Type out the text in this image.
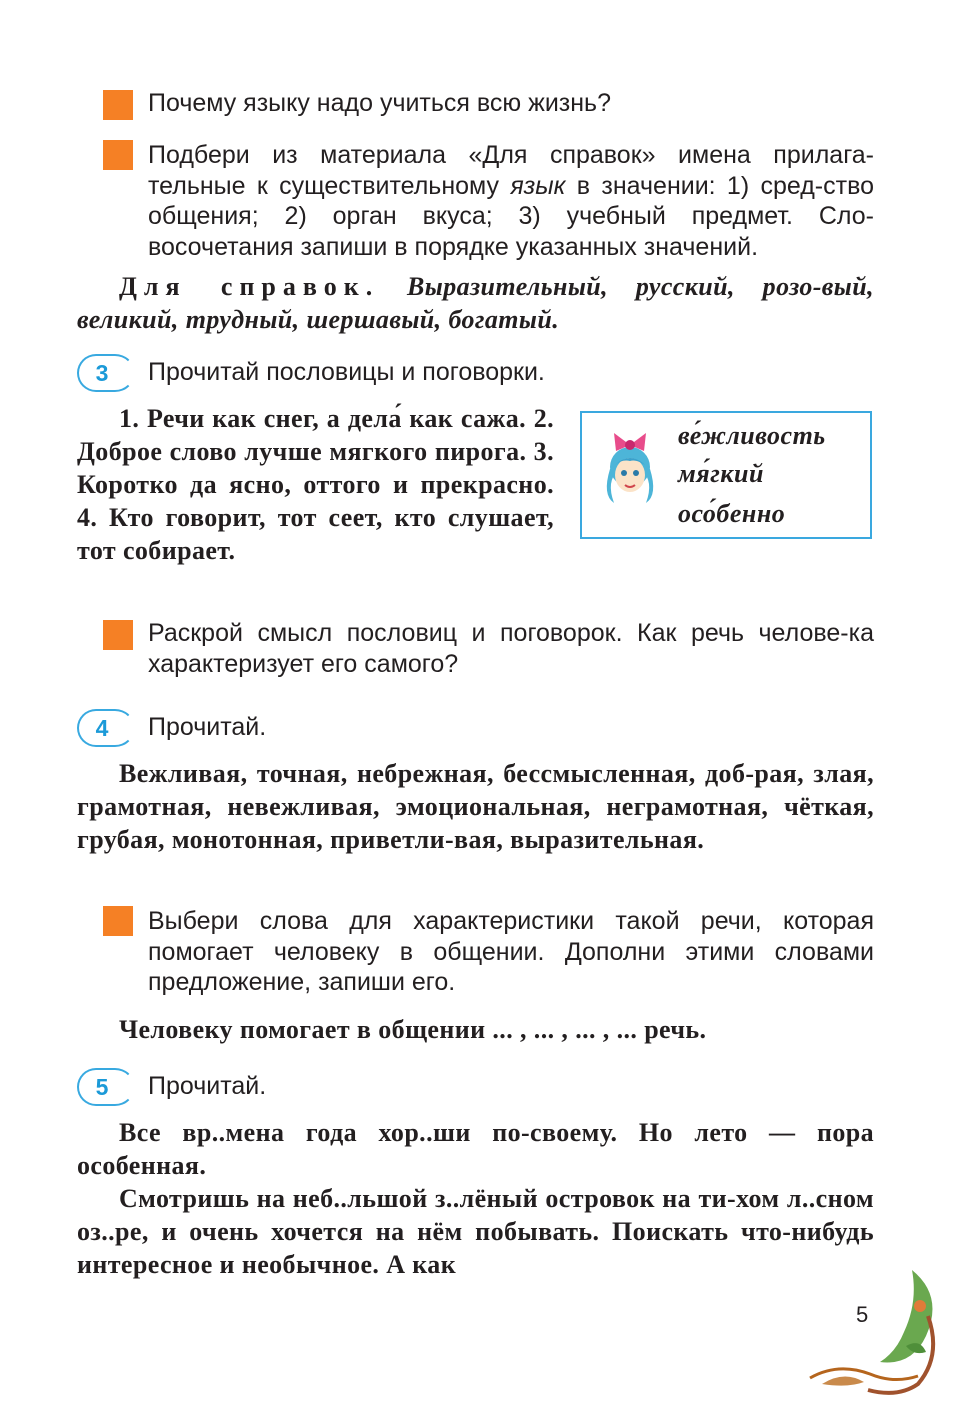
Почему языку надо учиться всю жизнь?
Подбери из материала «Для справок» имена прилага-тельные к существительному язык в значении: 1) сред-ство общения; 2) орган вкуса; 3) учебный предмет. Сло-восочетания запиши в порядке указанных значений.
Для справок. Выразительный, русский, розо-вый, великий, трудный, шершавый, богатый.
3	Прочитай пословицы и поговорки.
1. Речи как снег, а дела́ как сажа. 2. Доброе слово лучше мягкого пирога. 3. Коротко да ясно, оттого и прекрасно. 4. Кто говорит, тот сеет, кто слушает, тот собирает.
ве́жливость
мя́гкий
осо́бенно
Раскрой смысл пословиц и поговорок. Как речь челове-ка характеризует его самого?
4	Прочитай.
Вежливая, точная, небрежная, бессмысленная, доб-рая, злая, грамотная, невежливая, эмоциональная, неграмотная, чёткая, грубая, монотонная, приветли-вая, выразительная.
Выбери слова для характеристики такой речи, которая помогает человеку в общении. Дополни этими словами предложение, запиши его.
Человеку помогает в общении ... , ... , ... , ... речь.
5	Прочитай.
Все вр..мена года хор..ши по-своему. Но лето — пора особенная.
Смотришь на неб..льшой з..лёный островок на ти-хом л..сном оз..ре, и очень хочется на нём побывать. Поискать что-нибудь интересное и необычное. А как
5
